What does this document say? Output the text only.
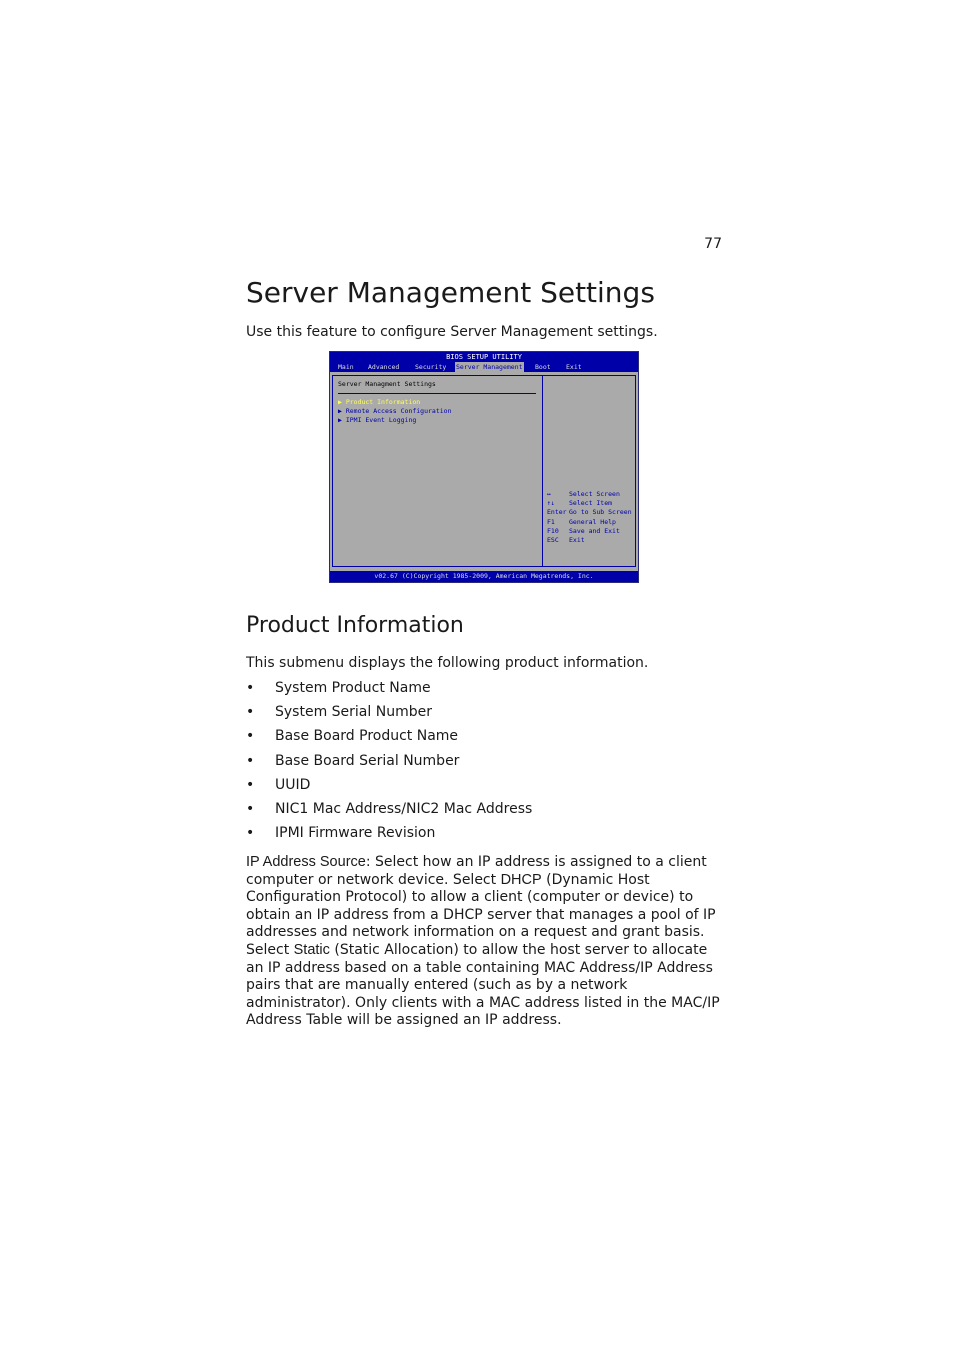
77
Server Management Settings
Use this feature to configure Server Management settings.
BIOS SETUP UTILITY
Main Advanced Security Server Management Boot Exit
Server Managment Settings
▶ Product Information
▶ Remote Access Configuration
▶ IPMI Event Logging
↔	Select Screen
↑↓ Select Item
Enter Go to Sub Screen
F1 General Help
F10 Save and Exit
ESC Exit
v02.67 (C)Copyright 1985-2009, American Megatrends, Inc.
Product Information
This submenu displays the following product information.
• System Product Name
• System Serial Number
• Base Board Product Name
• Base Board Serial Number
• UUID
• NIC1 Mac Address/NIC2 Mac Address
• IPMI Firmware Revision

IP Address Source: Select how an IP address is assigned to a client computer or network device. Select DHCP (Dynamic Host Configuration Protocol) to allow a client (computer or device) to obtain an IP address from a DHCP server that manages a pool of IP addresses and network information on a request and grant basis. Select Static (Static Allocation) to allow the host server to allocate an IP address based on a table containing MAC Address/IP Address pairs that are manually entered (such as by a network administrator). Only clients with a MAC address listed in the MAC/IP Address Table will be assigned an IP address.
